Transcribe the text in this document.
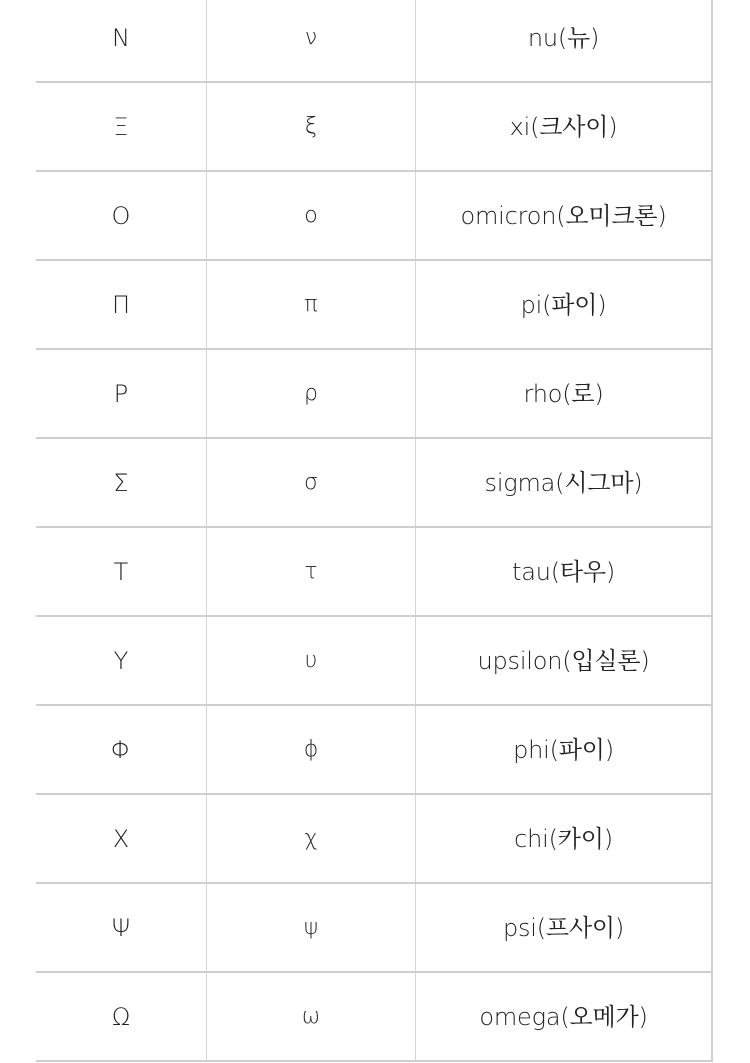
N	ν	nu(뉴)
Ξ	ξ	xi(크사이)
O	ο	omicron(오미크론)
Π	π	pi(파이)
P	ρ	rho(로)
Σ	σ	sigma(시그마)
T	τ	tau(타우)
Y	υ	upsilon(입실론)
Φ	ϕ	phi(파이)
X	χ	chi(카이)
Ψ	ψ	psi(프사이)
Ω	ω	omega(오메가)
